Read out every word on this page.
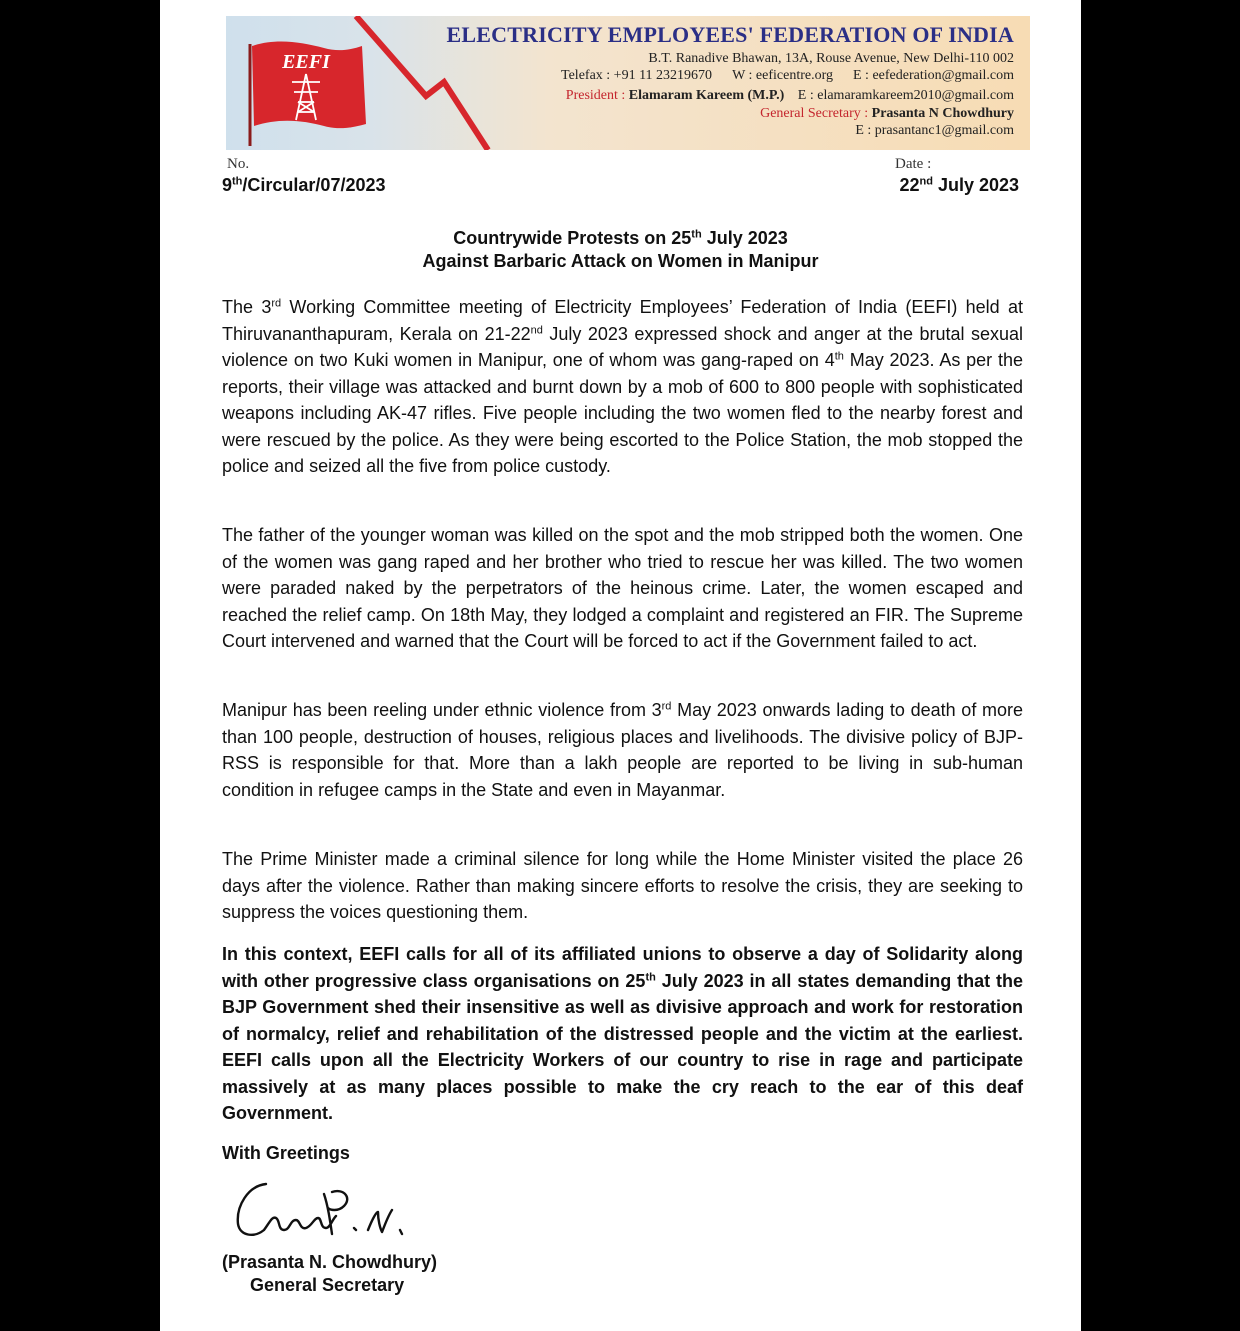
EEFI
ELECTRICITY EMPLOYEES' FEDERATION OF INDIA
B.T. Ranadive Bhawan, 13A, Rouse Avenue, New Delhi-110 002
Telefax : +91 11 23219670 W : eeficentre.org E : eefederation@gmail.com
President : Elamaram Kareem (M.P.) E : elamaramkareem2010@gmail.com
General Secretary : Prasanta N Chowdhury
E : prasantanc1@gmail.com
No.	Date :
9th/Circular/07/2023	22nd July 2023
Countrywide Protests on 25th July 2023
Against Barbaric Attack on Women in Manipur
The 3rd Working Committee meeting of Electricity Employees’ Federation of India (EEFI) held at Thiruvananthapuram, Kerala on 21-22nd July 2023 expressed shock and anger at the brutal sexual violence on two Kuki women in Manipur, one of whom was gang-raped on 4th May 2023. As per the reports, their village was attacked and burnt down by a mob of 600 to 800 people with sophisticated weapons including AK-47 rifles. Five people including the two women fled to the nearby forest and were rescued by the police. As they were being escorted to the Police Station, the mob stopped the police and seized all the five from police custody.
The father of the younger woman was killed on the spot and the mob stripped both the women. One of the women was gang raped and her brother who tried to rescue her was killed. The two women were paraded naked by the perpetrators of the heinous crime. Later, the women escaped and reached the relief camp. On 18th May, they lodged a complaint and registered an FIR. The Supreme Court intervened and warned that the Court will be forced to act if the Government failed to act.
Manipur has been reeling under ethnic violence from 3rd May 2023 onwards lading to death of more than 100 people, destruction of houses, religious places and livelihoods. The divisive policy of BJP-RSS is responsible for that. More than a lakh people are reported to be living in sub-human condition in refugee camps in the State and even in Mayanmar.
The Prime Minister made a criminal silence for long while the Home Minister visited the place 26 days after the violence. Rather than making sincere efforts to resolve the crisis, they are seeking to suppress the voices questioning them.
In this context, EEFI calls for all of its affiliated unions to observe a day of Solidarity along with other progressive class organisations on 25th July 2023 in all states demanding that the BJP Government shed their insensitive as well as divisive approach and work for restoration of normalcy, relief and rehabilitation of the distressed people and the victim at the earliest. EEFI calls upon all the Electricity Workers of our country to rise in rage and participate massively at as many places possible to make the cry reach to the ear of this deaf Government.
With Greetings
(Prasanta N. Chowdhury)
General Secretary
